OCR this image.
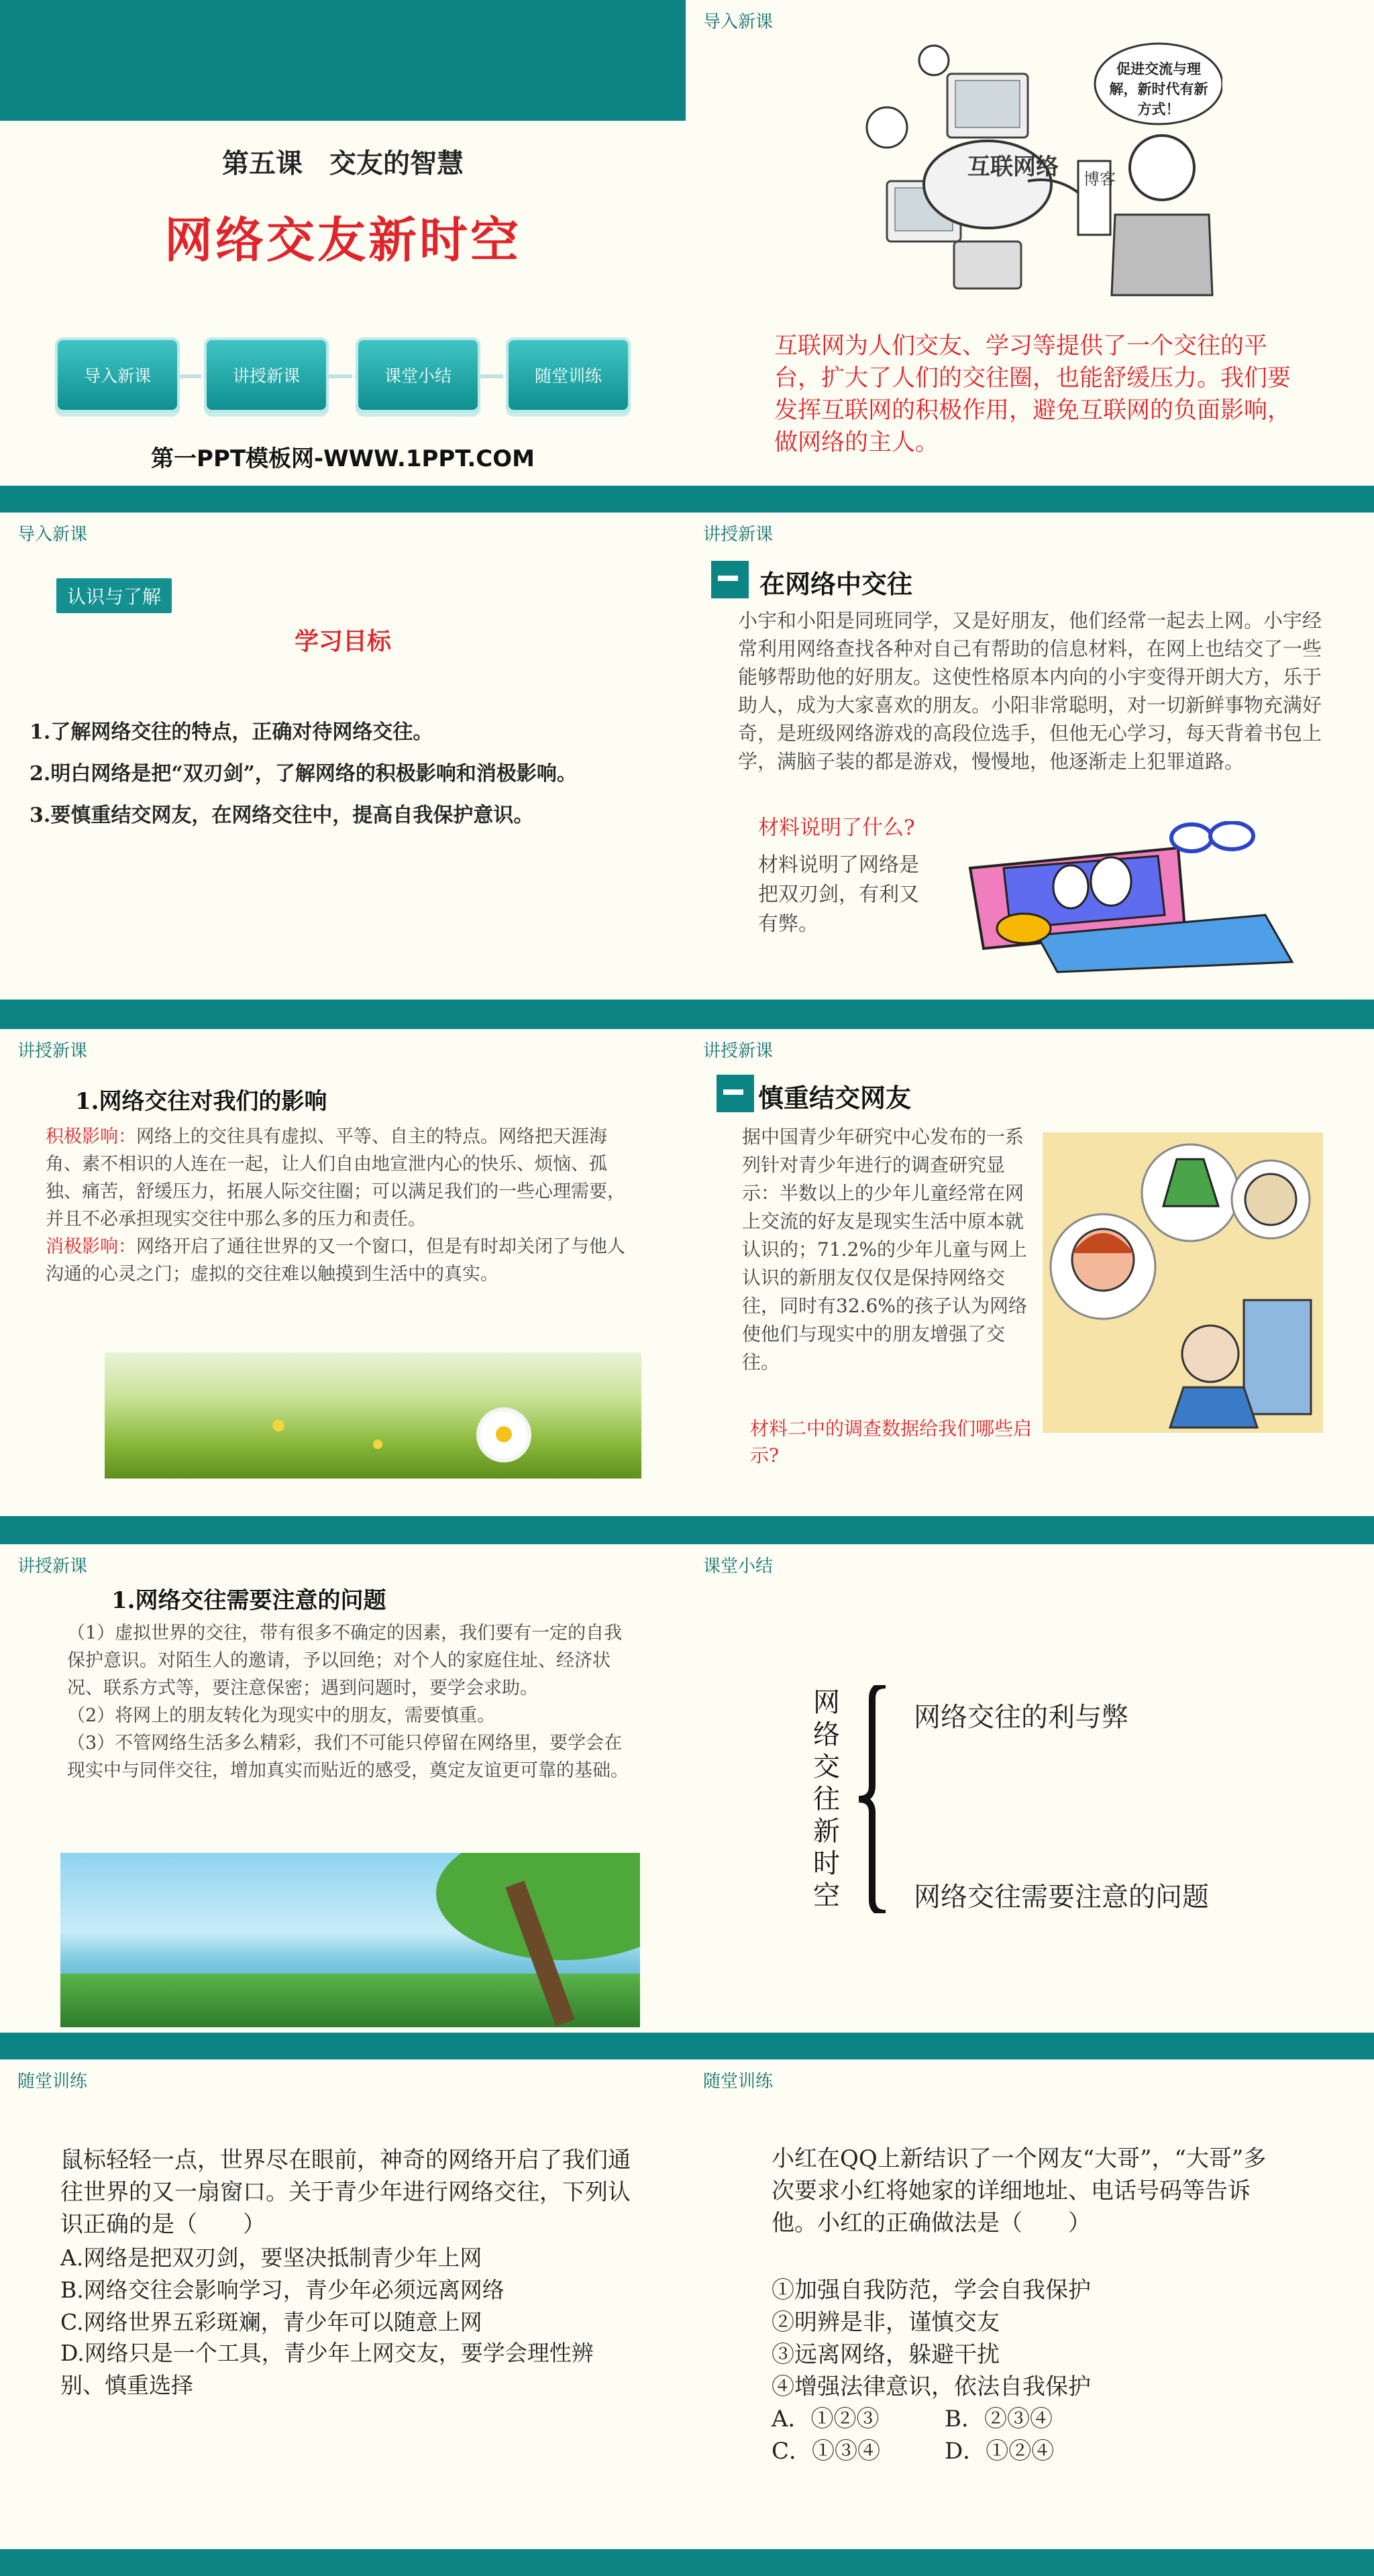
第五课　交友的智慧
网络交友新时空
导入新课	讲授新课	课堂小结	随堂训练
第一PPT模板网-WWW.1PPT.COM
导入新课
互联网络 博客
促进交流与理解，新时代有新方式！
互联网为人们交友、学习等提供了一个交往的平台，扩大了人们的交往圈，也能舒缓压力。我们要发挥互联网的积极作用，避免互联网的负面影响，做网络的主人。
导入新课
认识与了解
学习目标
1.了解网络交往的特点，正确对待网络交往。
2.明白网络是把“双刃剑”，了解网络的积极影响和消极影响。
3.要慎重结交网友，在网络交往中，提高自我保护意识。
讲授新课
在网络中交往
小宇和小阳是同班同学，又是好朋友，他们经常一起去上网。小宇经常利用网络查找各种对自己有帮助的信息材料，在网上也结交了一些能够帮助他的好朋友。这使性格原本内向的小宇变得开朗大方，乐于助人，成为大家喜欢的朋友。小阳非常聪明，对一切新鲜事物充满好奇，是班级网络游戏的高段位选手，但他无心学习，每天背着书包上学，满脑子装的都是游戏，慢慢地，他逐渐走上犯罪道路。
材料说明了什么?
材料说明了网络是把双刃剑，有利又有弊。
讲授新课
1.网络交往对我们的影响
积极影响：网络上的交往具有虚拟、平等、自主的特点。网络把天涯海角、素不相识的人连在一起，让人们自由地宣泄内心的快乐、烦恼、孤独、痛苦，舒缓压力，拓展人际交往圈；可以满足我们的一些心理需要，并且不必承担现实交往中那么多的压力和责任。
消极影响：网络开启了通往世界的又一个窗口，但是有时却关闭了与他人沟通的心灵之门；虚拟的交往难以触摸到生活中的真实。
讲授新课
慎重结交网友
据中国青少年研究中心发布的一系列针对青少年进行的调查研究显示：半数以上的少年儿童经常在网上交流的好友是现实生活中原本就认识的；71.2%的少年儿童与网上认识的新朋友仅仅是保持网络交往，同时有32.6%的孩子认为网络使他们与现实中的朋友增强了交往。
材料二中的调查数据给我们哪些启示?
讲授新课
1.网络交往需要注意的问题
（1）虚拟世界的交往，带有很多不确定的因素，我们要有一定的自我保护意识。对陌生人的邀请，予以回绝；对个人的家庭住址、经济状况、联系方式等，要注意保密；遇到问题时，要学会求助。
（2）将网上的朋友转化为现实中的朋友，需要慎重。
（3）不管网络生活多么精彩，我们不可能只停留在网络里，要学会在现实中与同伴交往，增加真实而贴近的感受，奠定友谊更可靠的基础。
课堂小结
网络交往新时空
网络交往的利与弊
网络交往需要注意的问题
随堂训练
鼠标轻轻一点，世界尽在眼前，神奇的网络开启了我们通往世界的又一扇窗口。关于青少年进行网络交往，下列认识正确的是（　　）
A.网络是把双刃剑，要坚决抵制青少年上网
B.网络交往会影响学习，青少年必须远离网络
C.网络世界五彩斑斓，青少年可以随意上网
D.网络只是一个工具，青少年上网交友，要学会理性辨别、慎重选择
随堂训练
小红在QQ上新结识了一个网友“大哥”，“大哥”多次要求小红将她家的详细地址、电话号码等告诉他。小红的正确做法是（　　）
①加强自我防范，学会自我保护
②明辨是非，谨慎交友
③远离网络，躲避干扰
④增强法律意识，依法自我保护
A．①②③	B．②③④
C．①③④	D．①②④
